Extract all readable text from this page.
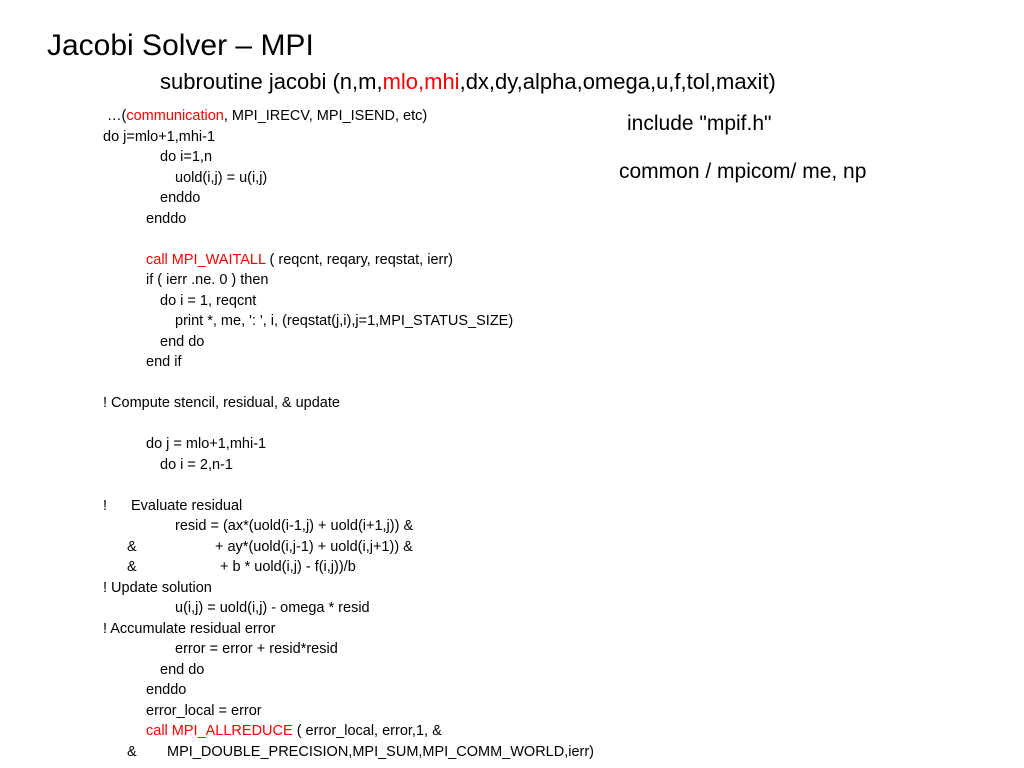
Jacobi Solver – MPI
subroutine jacobi (n,m,mlo,mhi,dx,dy,alpha,omega,u,f,tol,maxit)
include "mpif.h"
common / mpicom/ me, np
…(communication, MPI_IRECV, MPI_ISEND, etc)
do j=mlo+1,mhi-1
do i=1,n
uold(i,j) = u(i,j)
enddo
enddo
call MPI_WAITALL ( reqcnt, reqary, reqstat, ierr)
if ( ierr .ne. 0 ) then
do i = 1, reqcnt
print *, me, ': ', i, (reqstat(j,i),j=1,MPI_STATUS_SIZE)
end do
end if
! Compute stencil, residual, & update
do j = mlo+1,mhi-1
do i = 2,n-1
! Evaluate residual
resid = (ax*(uold(i-1,j) + uold(i+1,j)) &
&	+ ay*(uold(i,j-1) + uold(i,j+1)) &
&	+ b * uold(i,j) - f(i,j))/b
! Update solution
u(i,j) = uold(i,j) - omega * resid
! Accumulate residual error
error = error + resid*resid
end do
enddo
error_local = error
call MPI_ALLREDUCE ( error_local, error,1, &
& MPI_DOUBLE_PRECISION,MPI_SUM,MPI_COMM_WORLD,ierr)
